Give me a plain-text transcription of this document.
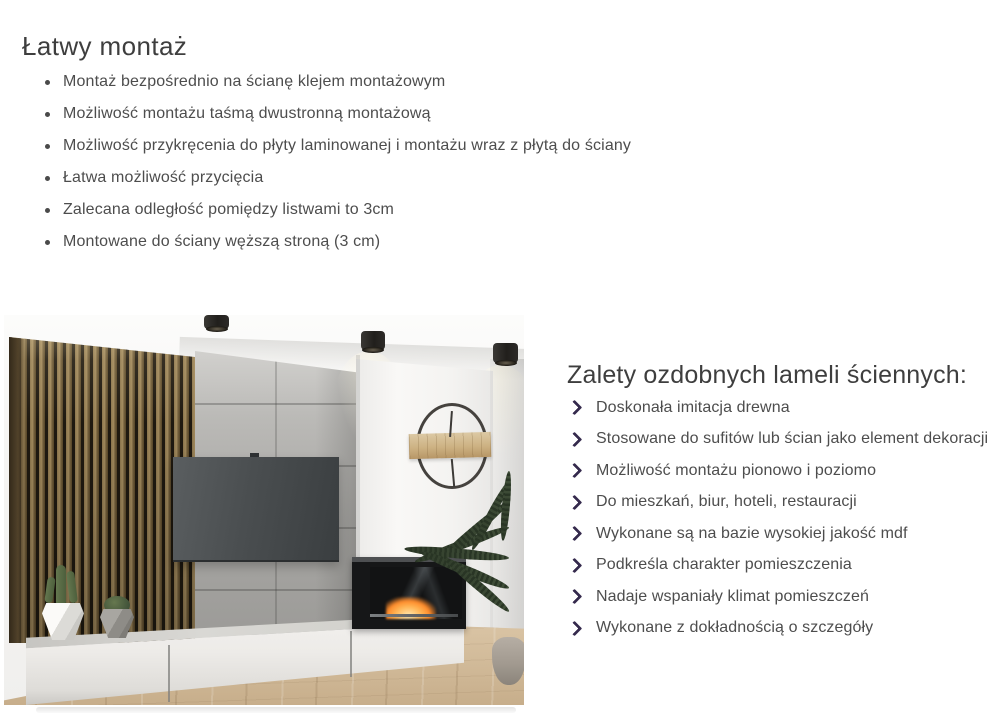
Łatwy montaż
Montaż bezpośrednio na ścianę klejem montażowym
Możliwość montażu taśmą dwustronną montażową
Możliwość przykręcenia do płyty laminowanej i montażu wraz z płytą do ściany
Łatwa możliwość przycięcia
Zalecana odległość pomiędzy listwami to 3cm
Montowane do ściany węższą stroną (3 cm)
Zalety ozdobnych lameli ściennych:
Doskonała imitacja drewna
Stosowane do sufitów lub ścian jako element dekoracji
Możliwość montażu pionowo i poziomo
Do mieszkań, biur, hoteli, restauracji
Wykonane są na bazie wysokiej jakość mdf
Podkreśla charakter pomieszczenia
Nadaje wspaniały klimat pomieszczeń
Wykonane z dokładnością o szczegóły
